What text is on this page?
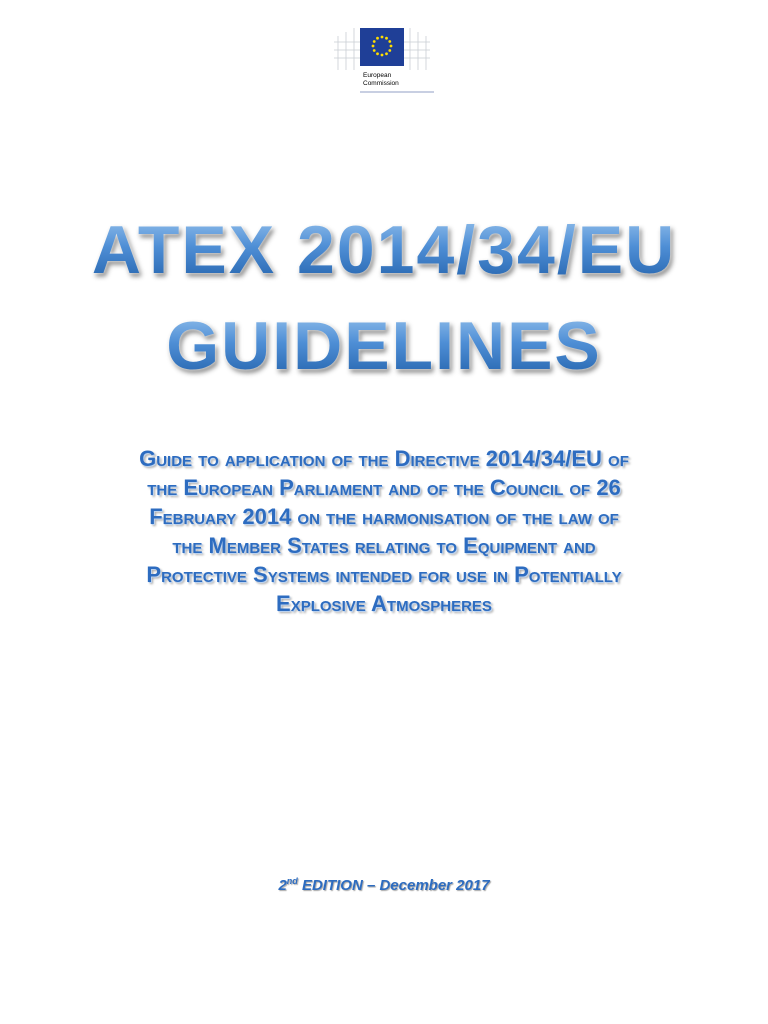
European
Commission
ATEX 2014/34/EU
GUIDELINES
Guide to application of the Directive 2014/34/EU of
the European Parliament and of the Council of 26
February 2014 on the harmonisation of the law of
the Member States relating to Equipment and
Protective Systems intended for use in Potentially
Explosive Atmospheres
2nd EDITION – December 2017
